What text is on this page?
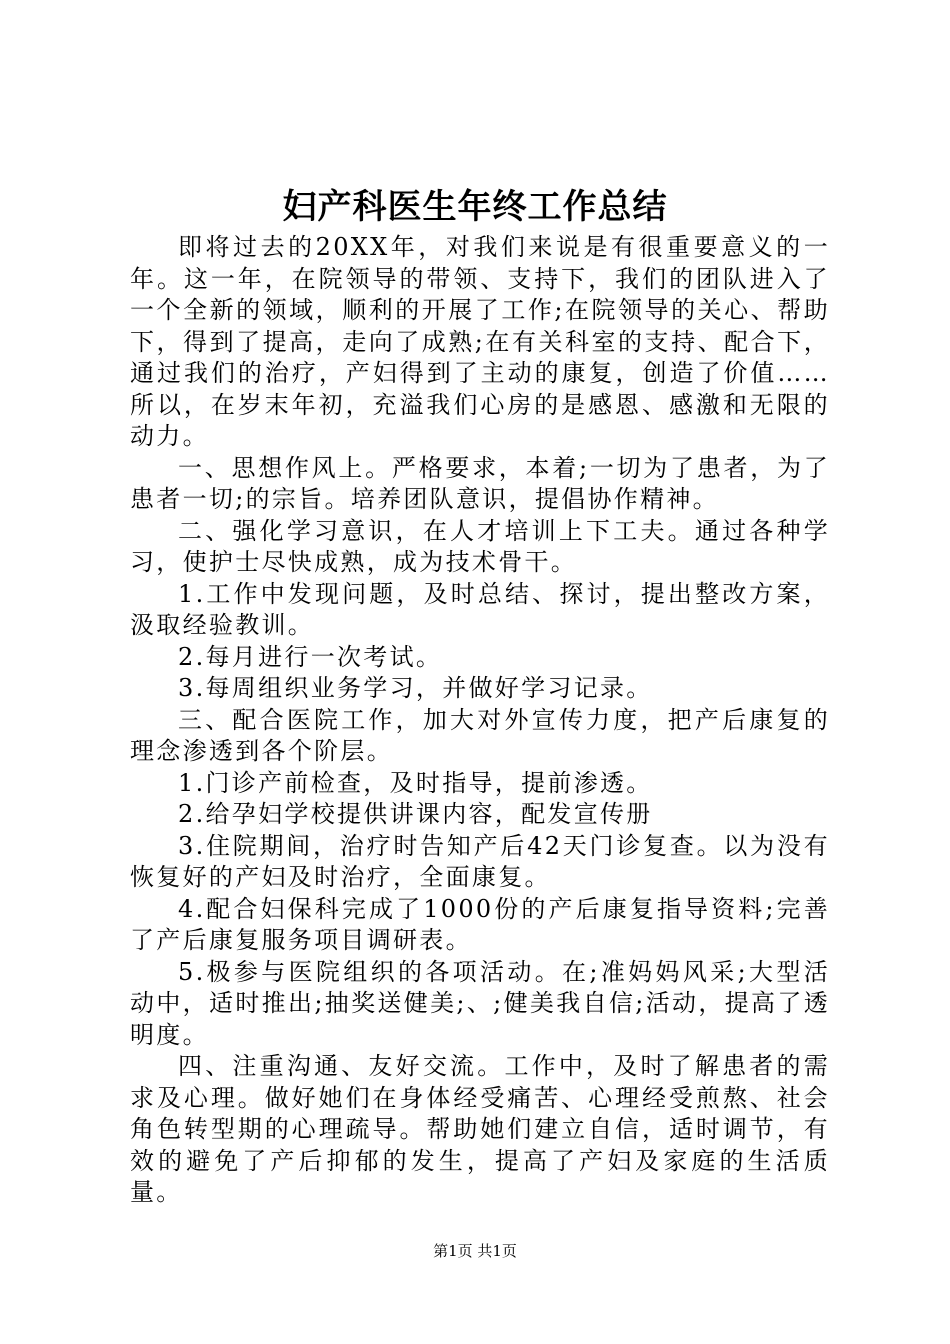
妇产科医生年终工作总结

即将过去的20XX年，对我们来说是有很重要意义的一年。这一年，在院领导的带领、支持下，我们的团队进入了一个全新的领域，顺利的开展了工作;在院领导的关心、帮助下，得到了提高，走向了成熟;在有关科室的支持、配合下，通过我们的治疗，产妇得到了主动的康复，创造了价值……所以，在岁末年初，充溢我们心房的是感恩、感激和无限的动力。

一、思想作风上。严格要求，本着;一切为了患者，为了患者一切;的宗旨。培养团队意识，提倡协作精神。

二、强化学习意识，在人才培训上下工夫。通过各种学习，使护士尽快成熟，成为技术骨干。

1.工作中发现问题，及时总结、探讨，提出整改方案，汲取经验教训。

2.每月进行一次考试。

3.每周组织业务学习，并做好学习记录。

三、配合医院工作，加大对外宣传力度，把产后康复的理念渗透到各个阶层。

1.门诊产前检查，及时指导，提前渗透。

2.给孕妇学校提供讲课内容，配发宣传册

3.住院期间，治疗时告知产后42天门诊复查。以为没有恢复好的产妇及时治疗，全面康复。

4.配合妇保科完成了1000份的产后康复指导资料;完善了产后康复服务项目调研表。

5.极参与医院组织的各项活动。在;准妈妈风采;大型活动中，适时推出;抽奖送健美;、;健美我自信;活动，提高了透明度。

四、注重沟通、友好交流。工作中，及时了解患者的需求及心理。做好她们在身体经受痛苦、心理经受煎熬、社会角色转型期的心理疏导。帮助她们建立自信，适时调节，有效的避免了产后抑郁的发生，提高了产妇及家庭的生活质量。

第1页 共1页
